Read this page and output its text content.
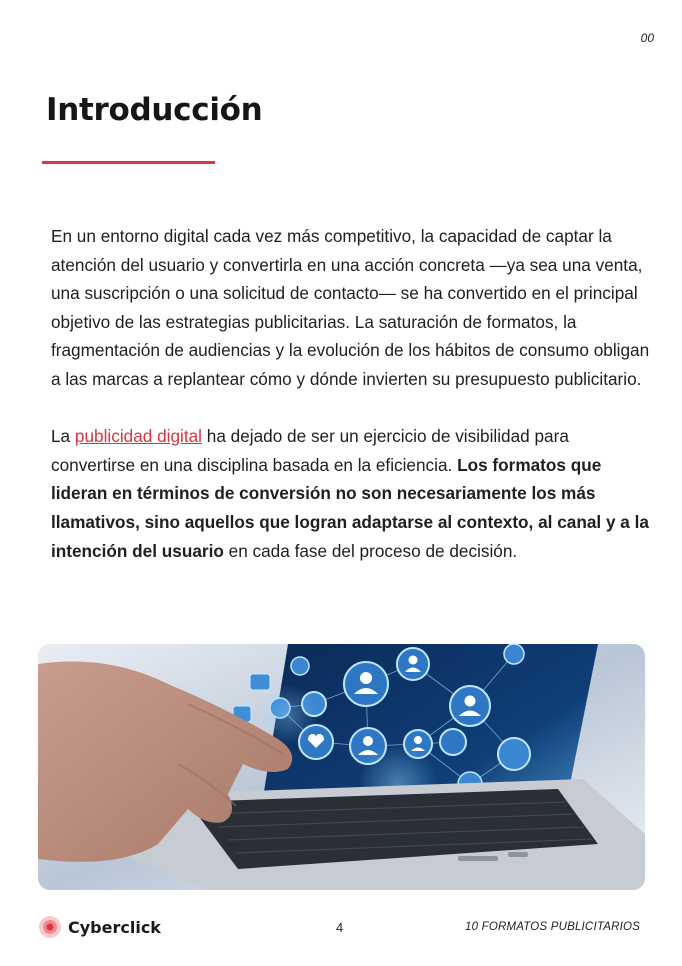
00
Introducción

En un entorno digital cada vez más competitivo, la capacidad de captar la atención del usuario y convertirla en una acción concreta —ya sea una venta, una suscripción o una solicitud de contacto— se ha convertido en el principal objetivo de las estrategias publicitarias. La saturación de formatos, la fragmentación de audiencias y la evolución de los hábitos de consumo obligan a las marcas a replantear cómo y dónde invierten su presupuesto publicitario.

La publicidad digital ha dejado de ser un ejercicio de visibilidad para convertirse en una disciplina basada en la eficiencia. Los formatos que lideran en términos de conversión no son necesariamente los más llamativos, sino aquellos que logran adaptarse al contexto, al canal y a la intención del usuario en cada fase del proceso de decisión.

Cyberclick	4	10 FORMATOS PUBLICITARIOS
